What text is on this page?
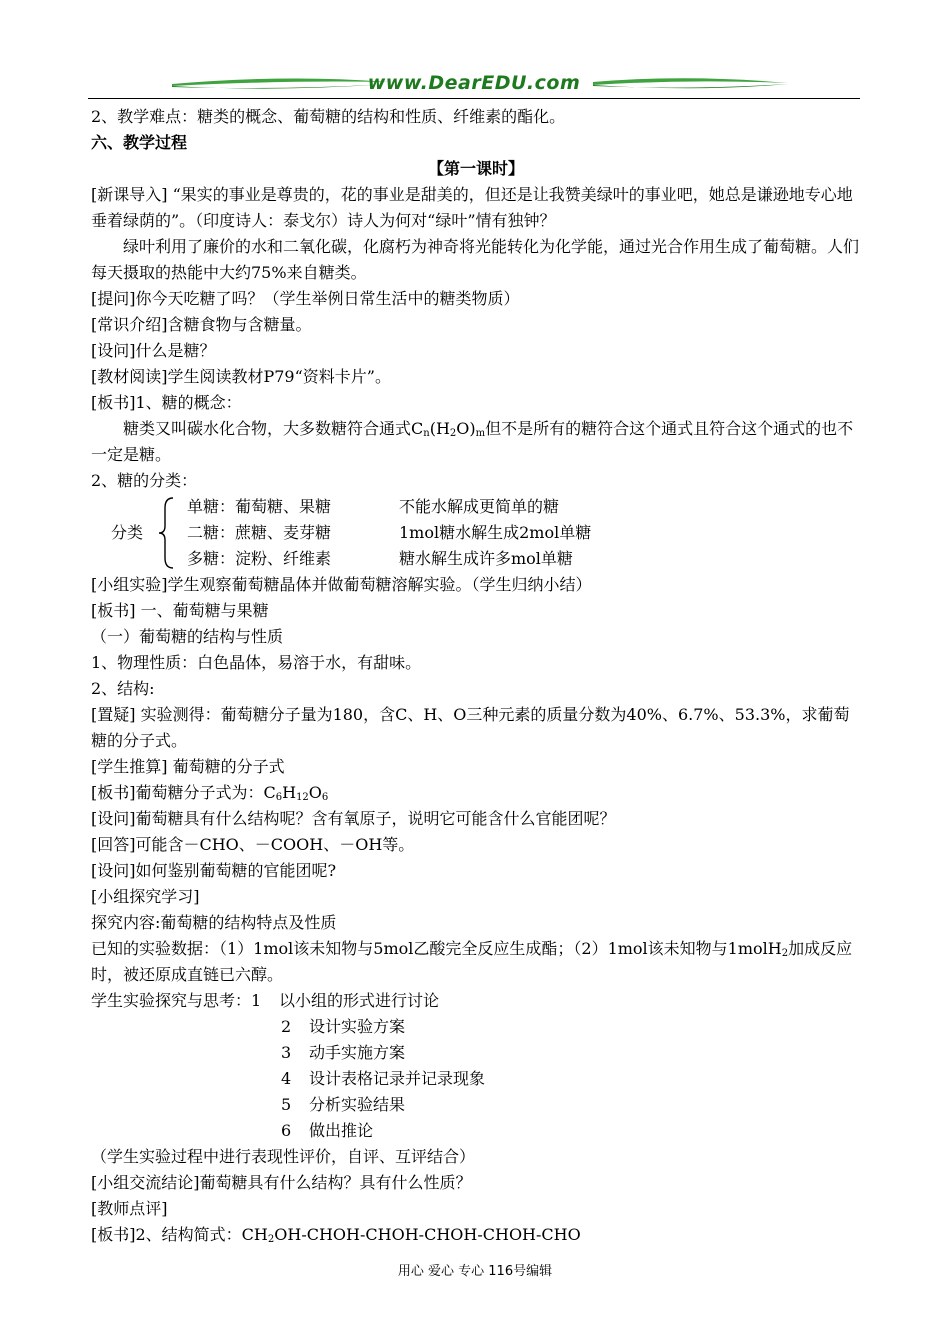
www.DearEDU.com
2、教学难点：糖类的概念、葡萄糖的结构和性质、纤维素的酯化。
六、教学过程
【第一课时】
[新课导入] “果实的事业是尊贵的，花的事业是甜美的，但还是让我赞美绿叶的事业吧，她总是谦逊地专心地垂着绿荫的”。（印度诗人：泰戈尔）诗人为何对“绿叶”情有独钟？
绿叶利用了廉价的水和二氧化碳，化腐朽为神奇将光能转化为化学能，通过光合作用生成了葡萄糖。人们每天摄取的热能中大约75%来自糖类。
[提问]你今天吃糖了吗？（学生举例日常生活中的糖类物质）
[常识介绍]含糖食物与含糖量。
[设问]什么是糖？
[教材阅读]学生阅读教材P79“资料卡片”。
[板书]1、糖的概念：
糖类又叫碳水化合物，大多数糖符合通式$C_n(H_2O)_m$但不是所有的糖符合这个通式且符合这个通式的也不一定是糖。
2、糖的分类：
分类
单糖：葡萄糖、果糖	不能水解成更简单的糖
二糖：蔗糖、麦芽糖	1mol糖水解生成2mol单糖
多糖：淀粉、纤维素	糖水解生成许多mol单糖
[小组实验]学生观察葡萄糖晶体并做葡萄糖溶解实验。（学生归纳小结）
[板书] 一、葡萄糖与果糖
（一）葡萄糖的结构与性质
1、物理性质：白色晶体，易溶于水，有甜味。
2、结构:
[置疑] 实验测得：葡萄糖分子量为180，含C、H、O三种元素的质量分数为40%、6.7%、53.3%，求葡萄糖的分子式。
[学生推算] 葡萄糖的分子式
[板书]葡萄糖分子式为：$C_6H_{12}O_6$
[设问]葡萄糖具有什么结构呢？含有氧原子，说明它可能含什么官能团呢？
[回答]可能含－CHO、－COOH、－OH等。
[设问]如何鉴别葡萄糖的官能团呢?
[小组探究学习]
探究内容:葡萄糖的结构特点及性质
已知的实验数据：（1）1mol该未知物与5mol乙酸完全反应生成酯；（2）1mol该未知物与1molH$_2$加成反应时，被还原成直链已六醇。
学生实验探究与思考：1 以小组的形式进行讨论
2 设计实验方案
3 动手实施方案
4 设计表格记录并记录现象
5 分析实验结果
6 做出推论
（学生实验过程中进行表现性评价，自评、互评结合）
[小组交流结论]葡萄糖具有什么结构？具有什么性质？
[教师点评]
[板书]2、结构简式：$CH_2OH-CHOH-CHOH-CHOH-CHOH$-CHO
用心 爱心 专心 116号编辑
